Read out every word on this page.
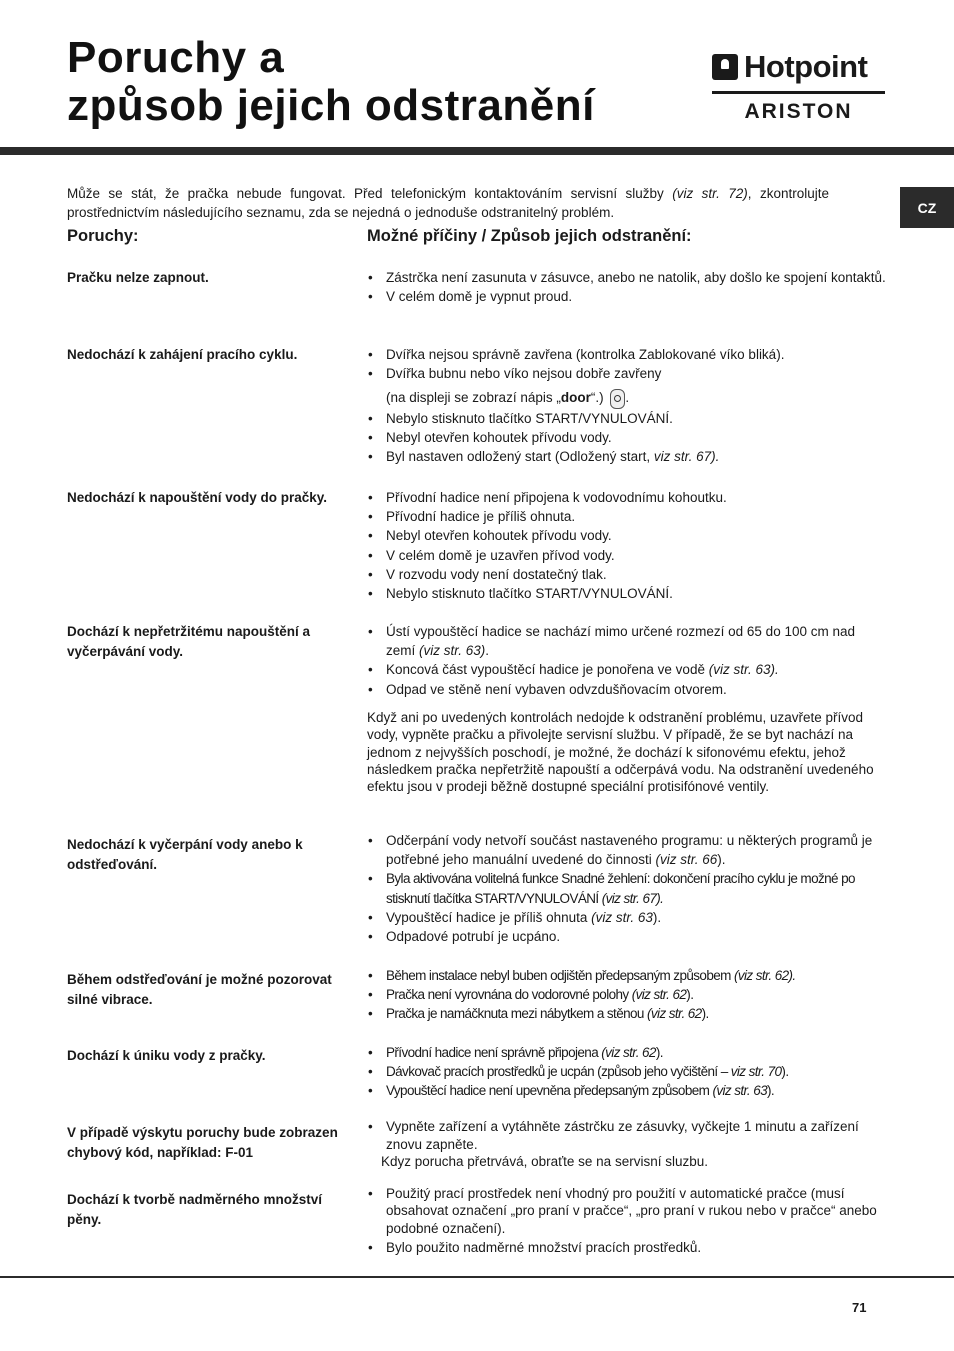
Poruchy a
způsob jejich odstranění
Hotpoint
ARISTON
CZ

Může se stát, že pračka nebude fungovat. Před telefonickým kontaktováním servisní služby (viz str. 72), zkontrolujte prostřednictvím následujícího seznamu, zda se nejedná o jednoduše odstranitelný problém.

Poruchy:	Možné příčiny / Způsob jejich odstranění:
Pračku nelze zapnout.	• Zástrčka není zasunuta v zásuvce, anebo ne natolik, aby došlo ke spojení kontaktů.
• V celém domě je vypnut proud.
Nedochází k zahájení pracího cyklu.	• Dvířka nejsou správně zavřena (kontrolka Zablokované víko bliká).
• Dvířka bubnu nebo víko nejsou dobře zavřeny
(na displeji se zobrazí nápis „door“.) .
• Nebylo stisknuto tlačítko START/VYNULOVÁNÍ.
• Nebyl otevřen kohoutek přívodu vody.
• Byl nastaven odložený start (Odložený start, viz str. 67).
Nedochází k napouštění vody do pračky.	• Přívodní hadice není připojena k vodovodnímu kohoutku.
• Přívodní hadice je příliš ohnuta.
• Nebyl otevřen kohoutek přívodu vody.
• V celém domě je uzavřen přívod vody.
• V rozvodu vody není dostatečný tlak.
• Nebylo stisknuto tlačítko START/VYNULOVÁNÍ.
Dochází k nepřetržitému napouštění a vyčerpávání vody.
• Ústí vypouštěcí hadice se nachází mimo určené rozmezí od 65 do 100 cm nad zemí (viz str. 63).
• Koncová část vypouštěcí hadice je ponořena ve vodě (viz str. 63).
• Odpad ve stěně není vybaven odvzdušňovacím otvorem.

Když ani po uvedených kontrolách nedojde k odstranění problému, uzavřete přívod vody, vypněte pračku a přivolejte servisní službu. V případě, že se byt nachází na jednom z nejvyšších poschodí, je možné, že dochází k sifonovému efektu, jehož následkem pračka nepřetržitě napouští a odčerpává vodu. Na odstranění uvedeného efektu jsou v prodeji běžně dostupné speciální protisifónové ventily.

Nedochází k vyčerpání vody anebo k odstřeďování.
• Odčerpání vody netvoří součást nastaveného programu: u některých programů je potřebné jeho manuální uvedené do činnosti (viz str. 66).
• Byla aktivována volitelná funkce Snadné žehlení: dokončení pracího cyklu je možné po stisknutí tlačítka START/VYNULOVÁNÍ (viz str. 67).
• Vypouštěcí hadice je příliš ohnuta (viz str. 63).
• Odpadové potrubí je ucpáno.
Během odstřeďování je možné pozorovat silné vibrace.
• Během instalace nebyl buben odjištěn předepsaným způsobem (viz str. 62).
• Pračka není vyrovnána do vodorovné polohy (viz str. 62).
• Pračka je namáčknuta mezi nábytkem a stěnou (viz str. 62).
Dochází k úniku vody z pračky.	• Přívodní hadice není správně připojena (viz str. 62).
• Dávkovač pracích prostředků je ucpán (způsob jeho vyčištění – viz str. 70).
• Vypouštěcí hadice není upevněna předepsaným způsobem (viz str. 63).
V případě výskytu poruchy bude zobrazen chybový kód, například: F-01
• Vypněte zařízení a vytáhněte zástrčku ze zásuvky, vyčkejte 1 minutu a zařízení znovu zapněte.

Kdyz porucha přetrvává, obraťte se na servisní sluzbu.

Dochází k tvorbě nadměrného množství pěny.
• Použitý prací prostředek není vhodný pro použití v automatické pračce (musí obsahovat označení „pro praní v pračce“, „pro praní v rukou nebo v pračce“ anebo podobné označení).
• Bylo použito nadměrné množství pracích prostředků.
71
